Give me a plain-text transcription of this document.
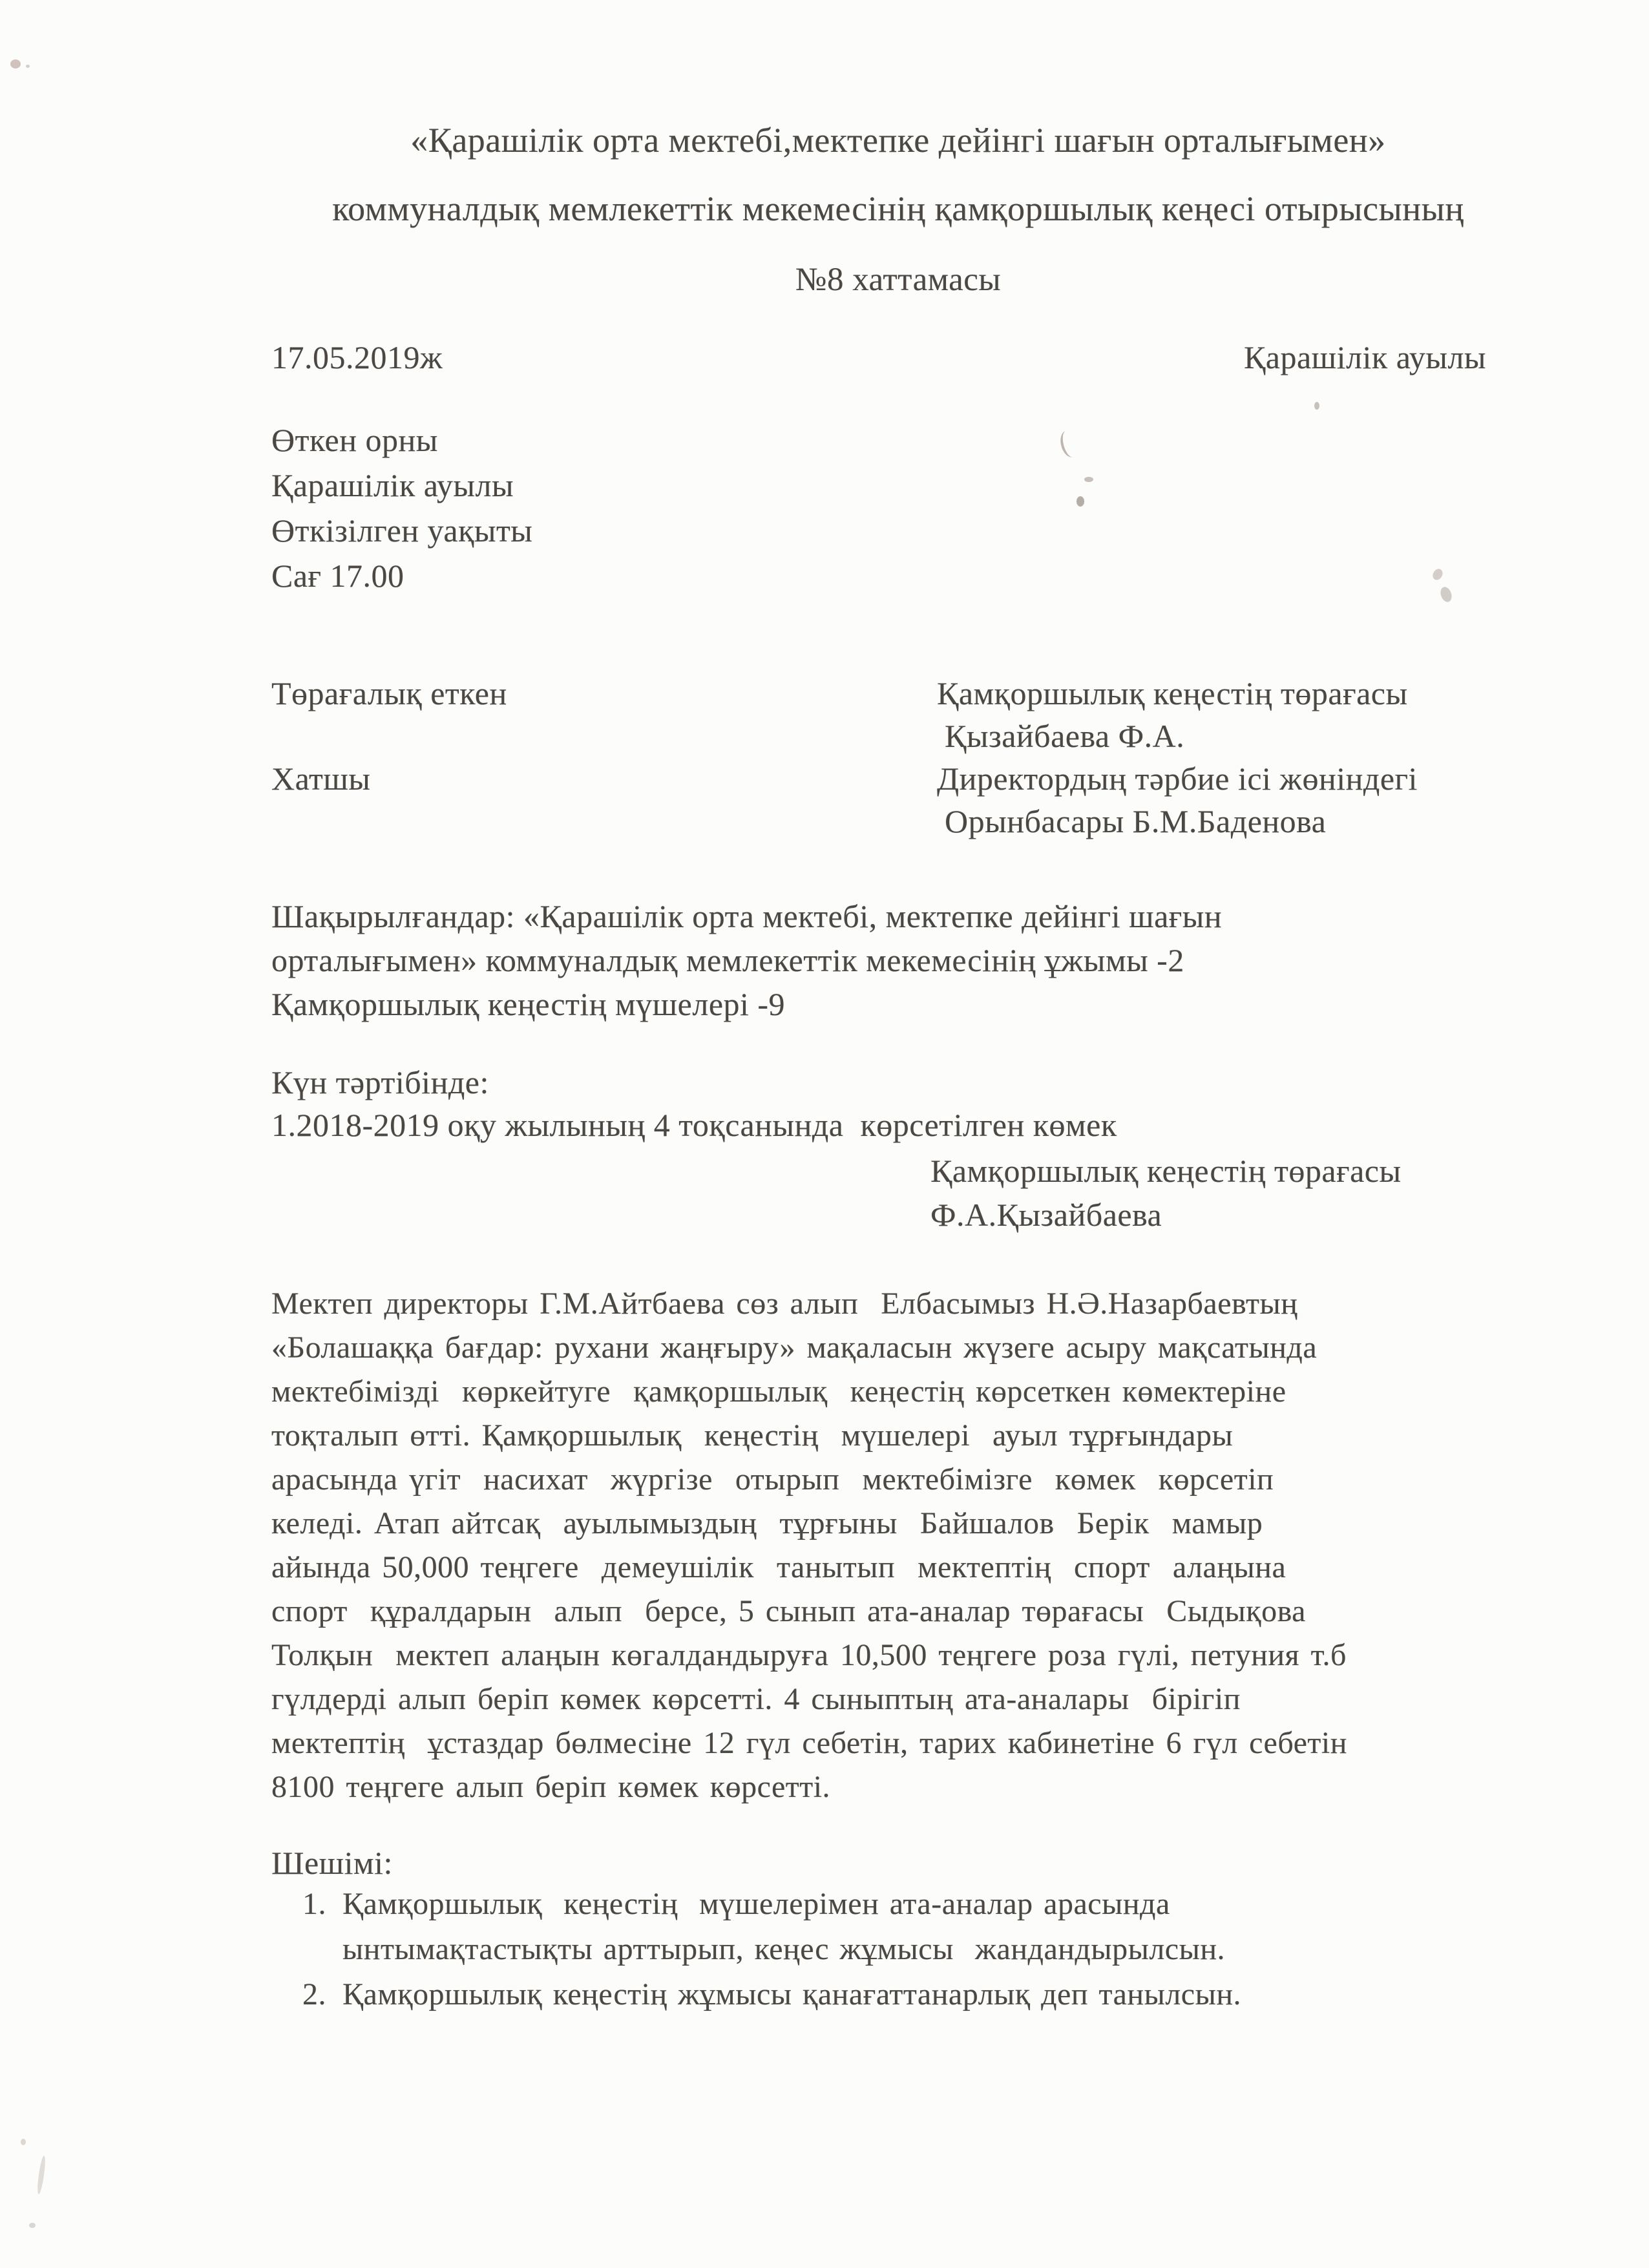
«Қарашілік орта мектебі,мектепке дейінгі шағын орталығымен»
коммуналдық мемлекеттік мекемесінің қамқоршылық кеңесі отырысының
№8 хаттамасы
17.05.2019ж	Қарашілік ауылы
Өткен орны
Қарашілік ауылы
Өткізілген уақыты
Сағ 17.00
Төрағалық еткен	Қамқоршылық кеңестің төрағасы
Қызайбаева Ф.А.
Хатшы	Директордың тәрбие ісі жөніндегі
Орынбасары Б.М.Баденова
Шақырылғандар: «Қарашілік орта мектебі, мектепке дейінгі шағын
орталығымен» коммуналдық мемлекеттік мекемесінің ұжымы -2
Қамқоршылық кеңестің мүшелері -9
Күн тәртібінде:
1.2018-2019 оқу жылының 4 тоқсанында  көрсетілген көмек
Қамқоршылық кеңестің төрағасы
Ф.А.Қызайбаева
Мектеп директоры Г.М.Айтбаева сөз алып  Елбасымыз Н.Ә.Назарбаевтың
«Болашаққа бағдар: рухани жаңғыру» мақаласын жүзеге асыру мақсатында
мектебімізді  көркейтуге  қамқоршылық  кеңестің көрсеткен көмектеріне
тоқталып өтті. Қамқоршылық  кеңестің  мүшелері  ауыл тұрғындары
арасында үгіт  насихат  жүргізе  отырып  мектебімізге  көмек  көрсетіп
келеді. Атап айтсақ  ауылымыздың  тұрғыны  Байшалов  Берік  мамыр
айында 50,000 теңгеге  демеушілік  танытып  мектептің  спорт  алаңына
спорт  құралдарын  алып  берсе, 5 сынып ата-аналар төрағасы  Сыдықова
Толқын  мектеп алаңын көгалдандыруға 10,500 теңгеге роза гүлі, петуния т.б
гүлдерді алып беріп көмек көрсетті. 4 сыныптың ата-аналары  бірігіп
мектептің  ұстаздар бөлмесіне 12 гүл себетін, тарих кабинетіне 6 гүл себетін
8100 теңгеге алып беріп көмек көрсетті.
Шешімі:
1. Қамқоршылық  кеңестің  мүшелерімен ата-аналар арасында
ынтымақтастықты арттырып, кеңес жұмысы  жандандырылсын.
2. Қамқоршылық кеңестің жұмысы қанағаттанарлық деп танылсын.
